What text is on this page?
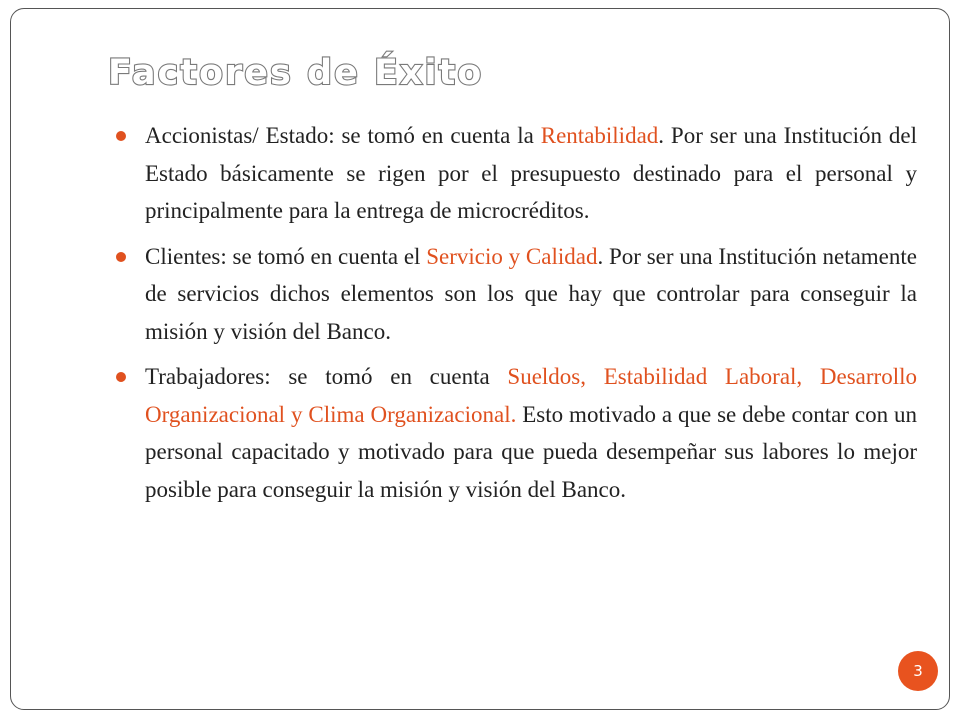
Factores de Éxito
Accionistas/ Estado: se tomó en cuenta la Rentabilidad. Por ser una Institución del Estado básicamente se rigen por el presupuesto destinado para el personal y principalmente para la entrega de microcréditos.
Clientes: se tomó en cuenta el Servicio y Calidad. Por ser una Institución netamente de servicios dichos elementos son los que hay que controlar para conseguir la misión y visión del Banco.
Trabajadores: se tomó en cuenta Sueldos, Estabilidad Laboral, Desarrollo Organizacional y Clima Organizacional. Esto motivado a que se debe contar con un personal capacitado y motivado para que pueda desempeñar sus labores lo mejor posible para conseguir la misión y visión del Banco.
3
